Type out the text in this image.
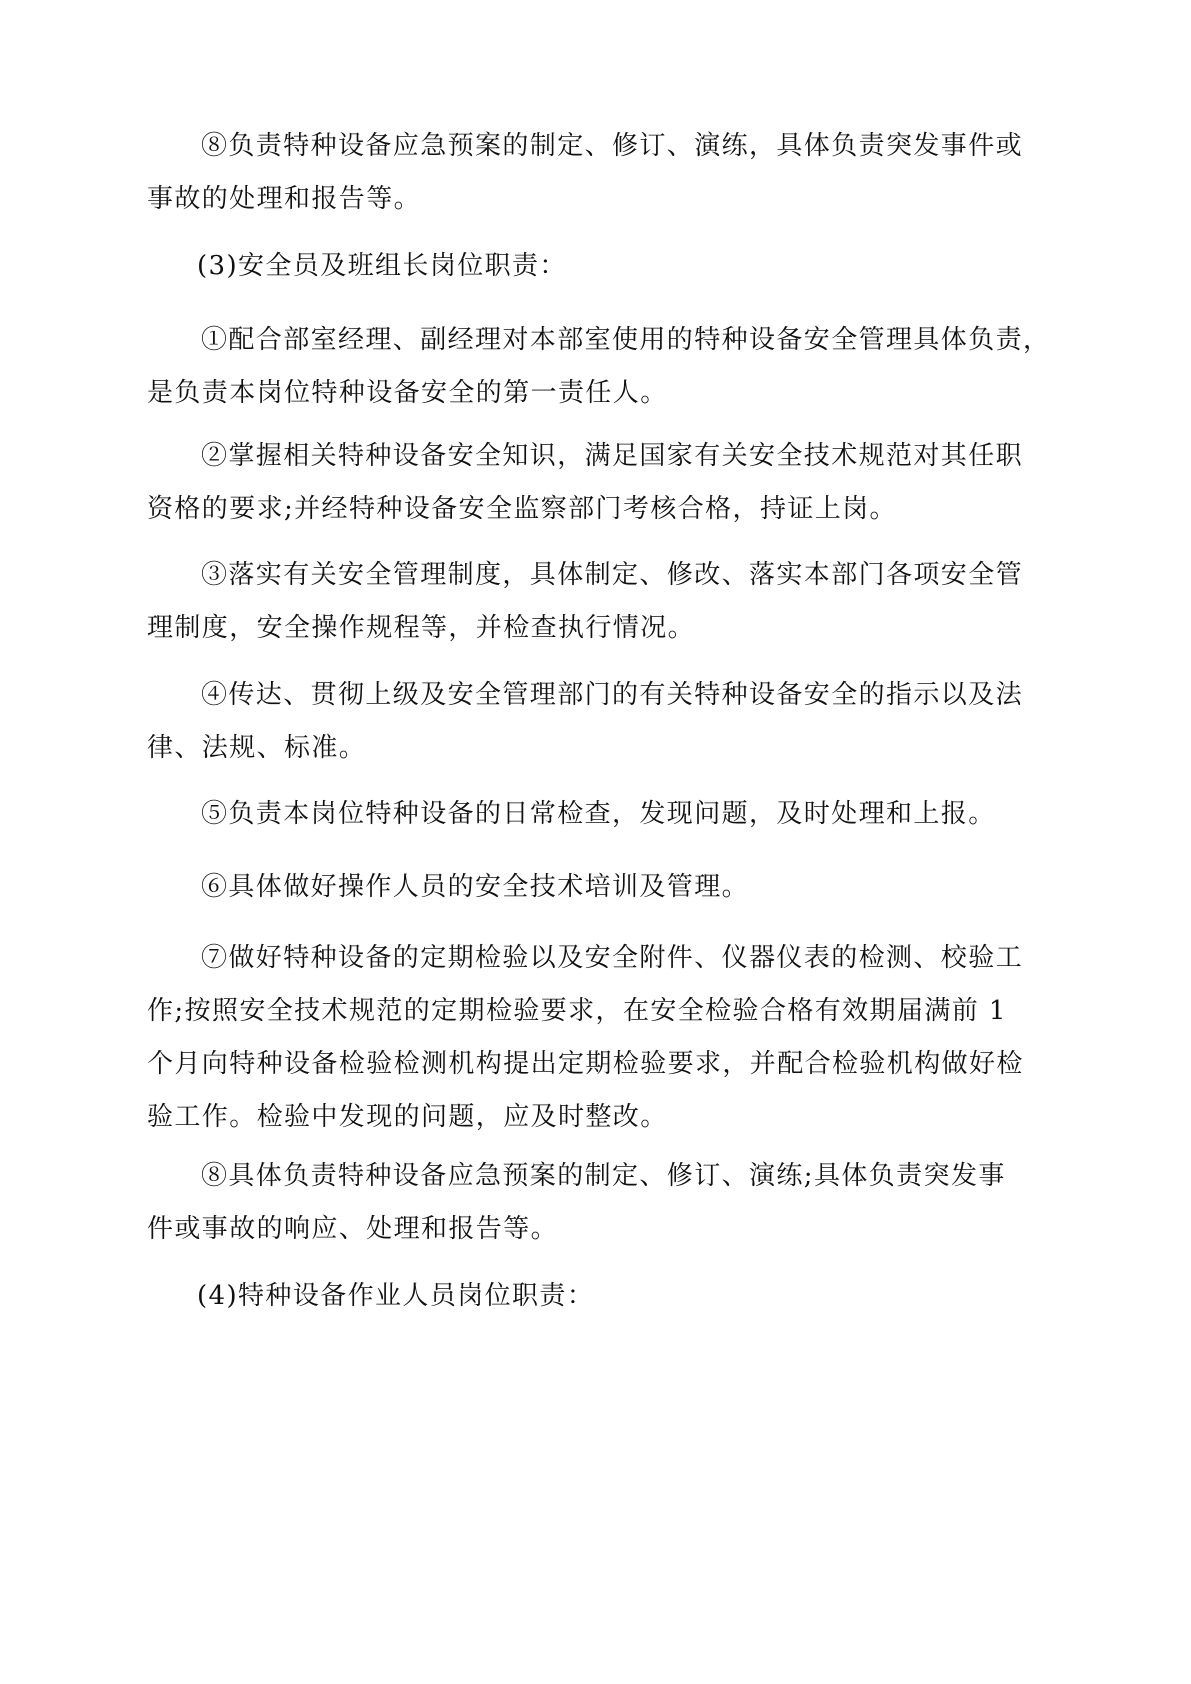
⑧负责特种设备应急预案的制定、修订、演练，具体负责突发事件或
事故的处理和报告等。
(3)安全员及班组长岗位职责：
①配合部室经理、副经理对本部室使用的特种设备安全管理具体负责，
是负责本岗位特种设备安全的第一责任人。
②掌握相关特种设备安全知识，满足国家有关安全技术规范对其任职
资格的要求;并经特种设备安全监察部门考核合格，持证上岗。
③落实有关安全管理制度，具体制定、修改、落实本部门各项安全管
理制度，安全操作规程等，并检查执行情况。
④传达、贯彻上级及安全管理部门的有关特种设备安全的指示以及法
律、法规、标准。
⑤负责本岗位特种设备的日常检查，发现问题，及时处理和上报。
⑥具体做好操作人员的安全技术培训及管理。
⑦做好特种设备的定期检验以及安全附件、仪器仪表的检测、校验工
作;按照安全技术规范的定期检验要求，在安全检验合格有效期届满前 1
个月向特种设备检验检测机构提出定期检验要求，并配合检验机构做好检
验工作。检验中发现的问题，应及时整改。
⑧具体负责特种设备应急预案的制定、修订、演练;具体负责突发事
件或事故的响应、处理和报告等。
(4)特种设备作业人员岗位职责：
